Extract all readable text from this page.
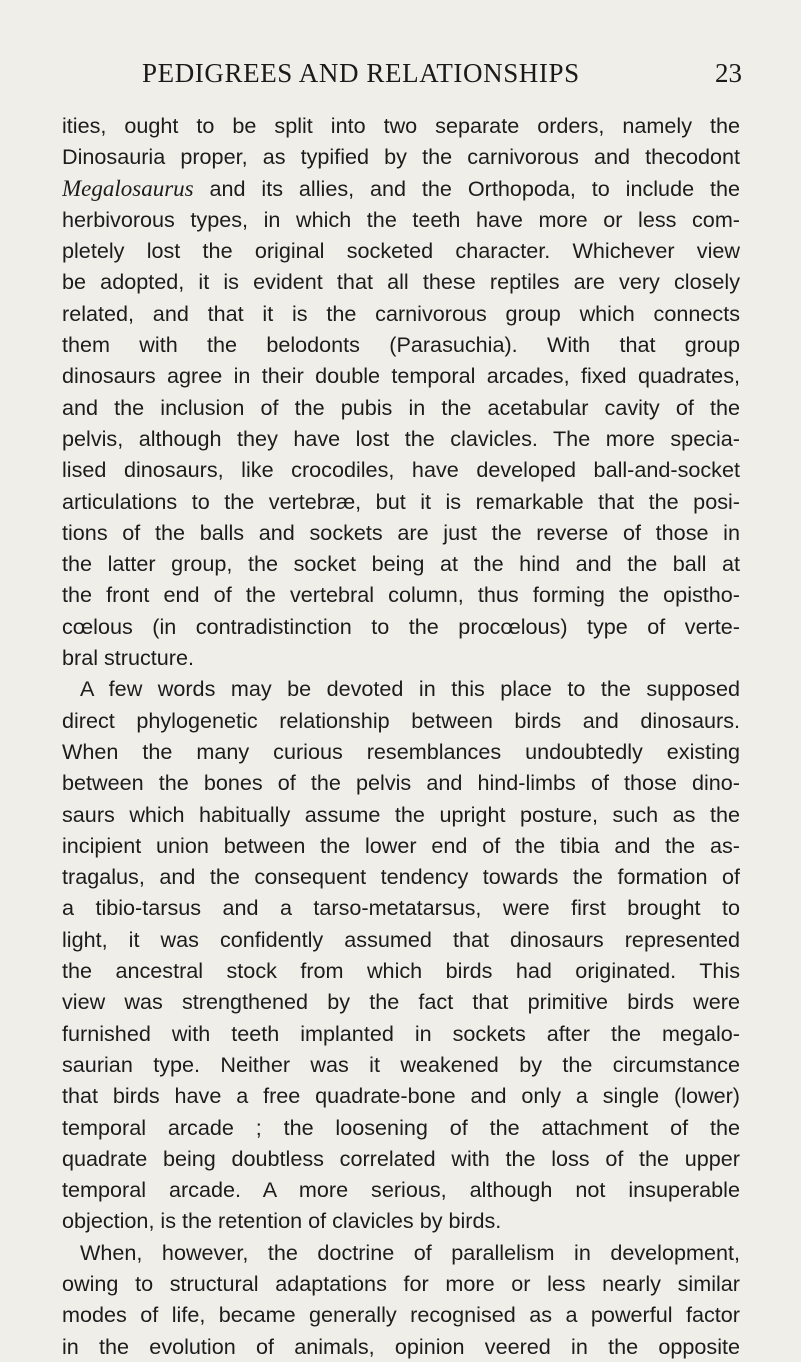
PEDIGREES AND RELATIONSHIPS	23
ities, ought to be split into two separate orders, namely the
Dinosauria proper, as typified by the carnivorous and thecodont
Megalosaurus and its allies, and the Orthopoda, to include the
herbivorous types, in which the teeth have more or less com-
pletely lost the original socketed character. Whichever view
be adopted, it is evident that all these reptiles are very closely
related, and that it is the carnivorous group which connects
them with the belodonts (Parasuchia). With that group
dinosaurs agree in their double temporal arcades, fixed quadrates,
and the inclusion of the pubis in the acetabular cavity of the
pelvis, although they have lost the clavicles. The more specia-
lised dinosaurs, like crocodiles, have developed ball-and-socket
articulations to the vertebræ, but it is remarkable that the posi-
tions of the balls and sockets are just the reverse of those in
the latter group, the socket being at the hind and the ball at
the front end of the vertebral column, thus forming the opistho-
cœlous (in contradistinction to the procœlous) type of verte-
bral structure.
A few words may be devoted in this place to the supposed
direct phylogenetic relationship between birds and dinosaurs.
When the many curious resemblances undoubtedly existing
between the bones of the pelvis and hind-limbs of those dino-
saurs which habitually assume the upright posture, such as the
incipient union between the lower end of the tibia and the as-
tragalus, and the consequent tendency towards the formation of
a tibio-tarsus and a tarso-metatarsus, were first brought to
light, it was confidently assumed that dinosaurs represented
the ancestral stock from which birds had originated. This
view was strengthened by the fact that primitive birds were
furnished with teeth implanted in sockets after the megalo-
saurian type. Neither was it weakened by the circumstance
that birds have a free quadrate-bone and only a single (lower)
temporal arcade ; the loosening of the attachment of the
quadrate being doubtless correlated with the loss of the upper
temporal arcade. A more serious, although not insuperable
objection, is the retention of clavicles by birds.
When, however, the doctrine of parallelism in development,
owing to structural adaptations for more or less nearly similar
modes of life, became generally recognised as a powerful factor
in the evolution of animals, opinion veered in the opposite
